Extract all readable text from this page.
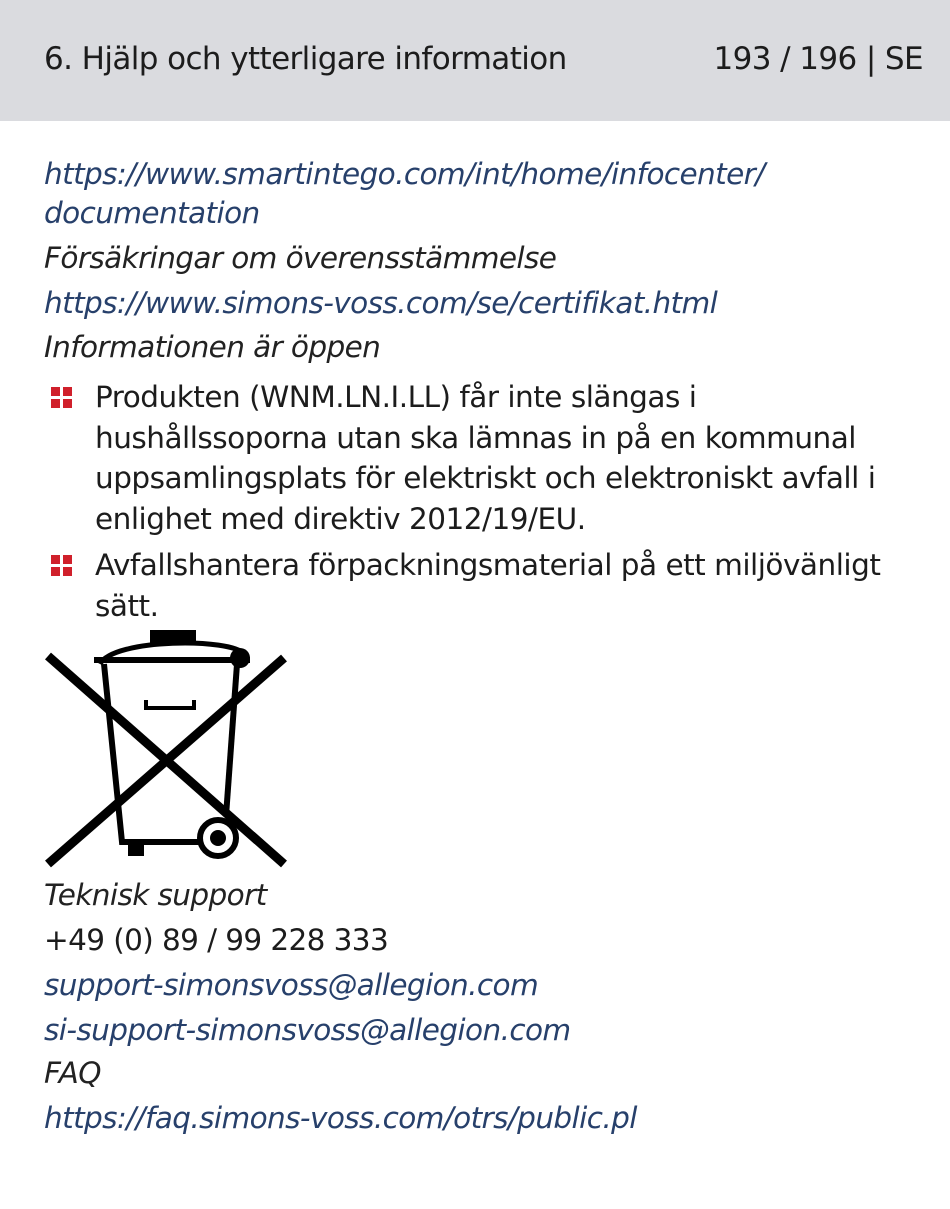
6. Hjälp och ytterligare information	193 / 196 | SE
https://www.smartintego.com/int/home/infocenter/
documentation
Försäkringar om överensstämmelse
https://www.simons-voss.com/se/certifikat.html
Informationen är öppen
Produkten (WNM.LN.I.LL) får inte slängas i hushållssoporna utan ska lämnas in på en kommunal uppsamlingsplats för elektriskt och elektroniskt avfall i enlighet med direktiv 2012/19/EU.
Avfallshantera förpackningsmaterial på ett miljövänligt sätt.
Teknisk support
+49 (0) 89 / 99 228 333
support-simonsvoss@allegion.com
si-support-simonsvoss@allegion.com
FAQ
https://faq.simons-voss.com/otrs/public.pl
